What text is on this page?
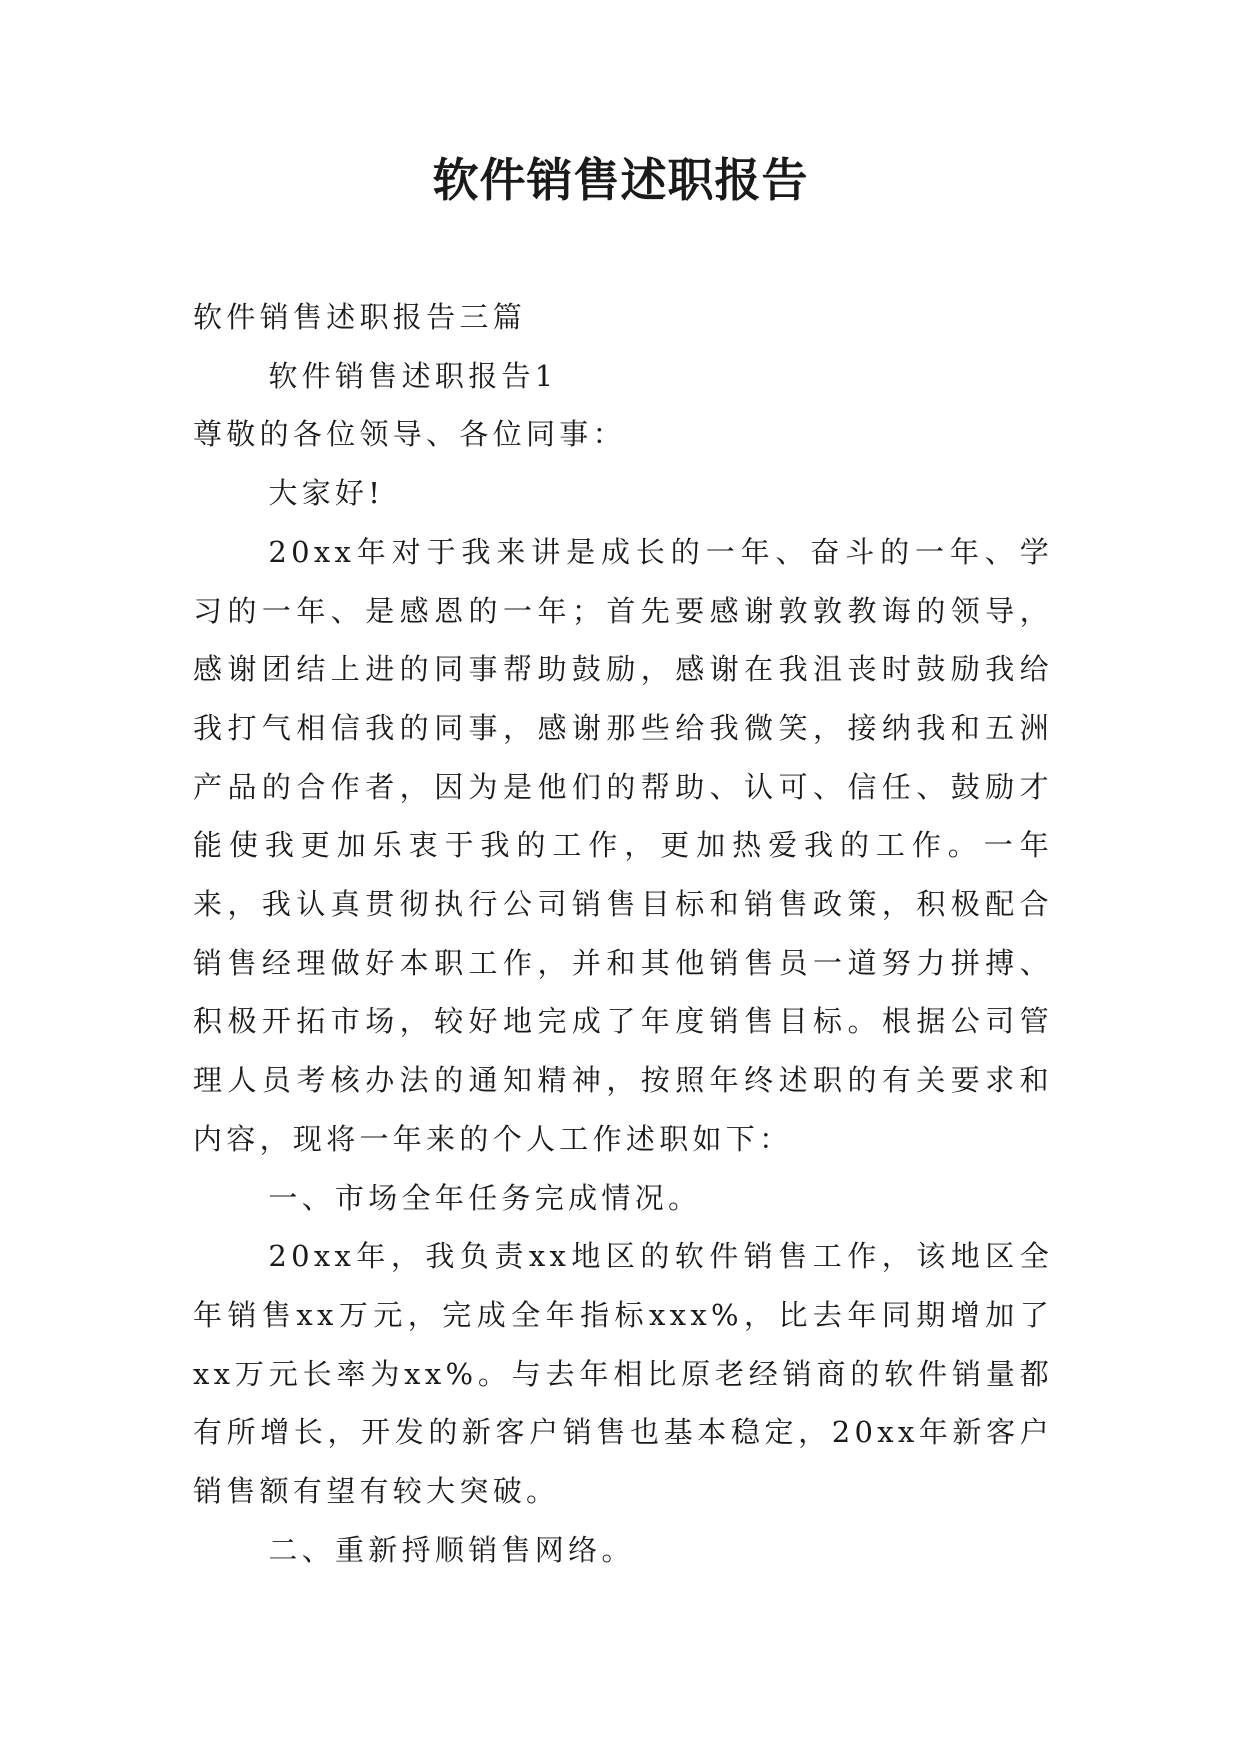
软件销售述职报告

软件销售述职报告三篇

软件销售述职报告1

尊敬的各位领导、各位同事：

大家好!

20xx年对于我来讲是成长的一年、奋斗的一年、学习的一年、是感恩的一年；首先要感谢敦敦教诲的领导，感谢团结上进的同事帮助鼓励，感谢在我沮丧时鼓励我给我打气相信我的同事，感谢那些给我微笑，接纳我和五洲产品的合作者，因为是他们的帮助、认可、信任、鼓励才能使我更加乐衷于我的工作，更加热爱我的工作。一年来，我认真贯彻执行公司销售目标和销售政策，积极配合销售经理做好本职工作，并和其他销售员一道努力拼搏、积极开拓市场，较好地完成了年度销售目标。根据公司管理人员考核办法的通知精神，按照年终述职的有关要求和内容，现将一年来的个人工作述职如下：

一、市场全年任务完成情况。

20xx年，我负责xx地区的软件销售工作，该地区全年销售xx万元，完成全年指标xxx%，比去年同期增加了xx万元长率为xx%。与去年相比原老经销商的软件销量都有所增长，开发的新客户销售也基本稳定，20xx年新客户销售额有望有较大突破。

二、重新捋顺销售网络。
